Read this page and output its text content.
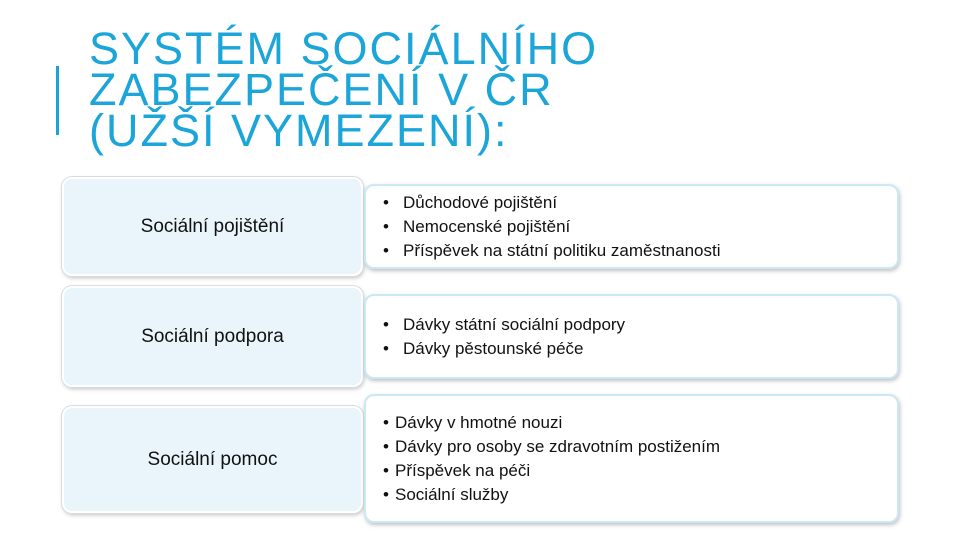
SYSTÉM SOCIÁLNÍHO
ZABEZPEČENÍ V ČR
(UŽŠÍ VYMEZENÍ):
Sociální pojištění
• Důchodové pojištění
• Nemocenské pojištění
• Příspěvek na státní politiku zaměstnanosti
Sociální podpora
• Dávky státní sociální podpory
• Dávky pěstounské péče
Sociální pomoc
• Dávky v hmotné nouzi
• Dávky pro osoby se zdravotním postižením
• Příspěvek na péči
• Sociální služby
